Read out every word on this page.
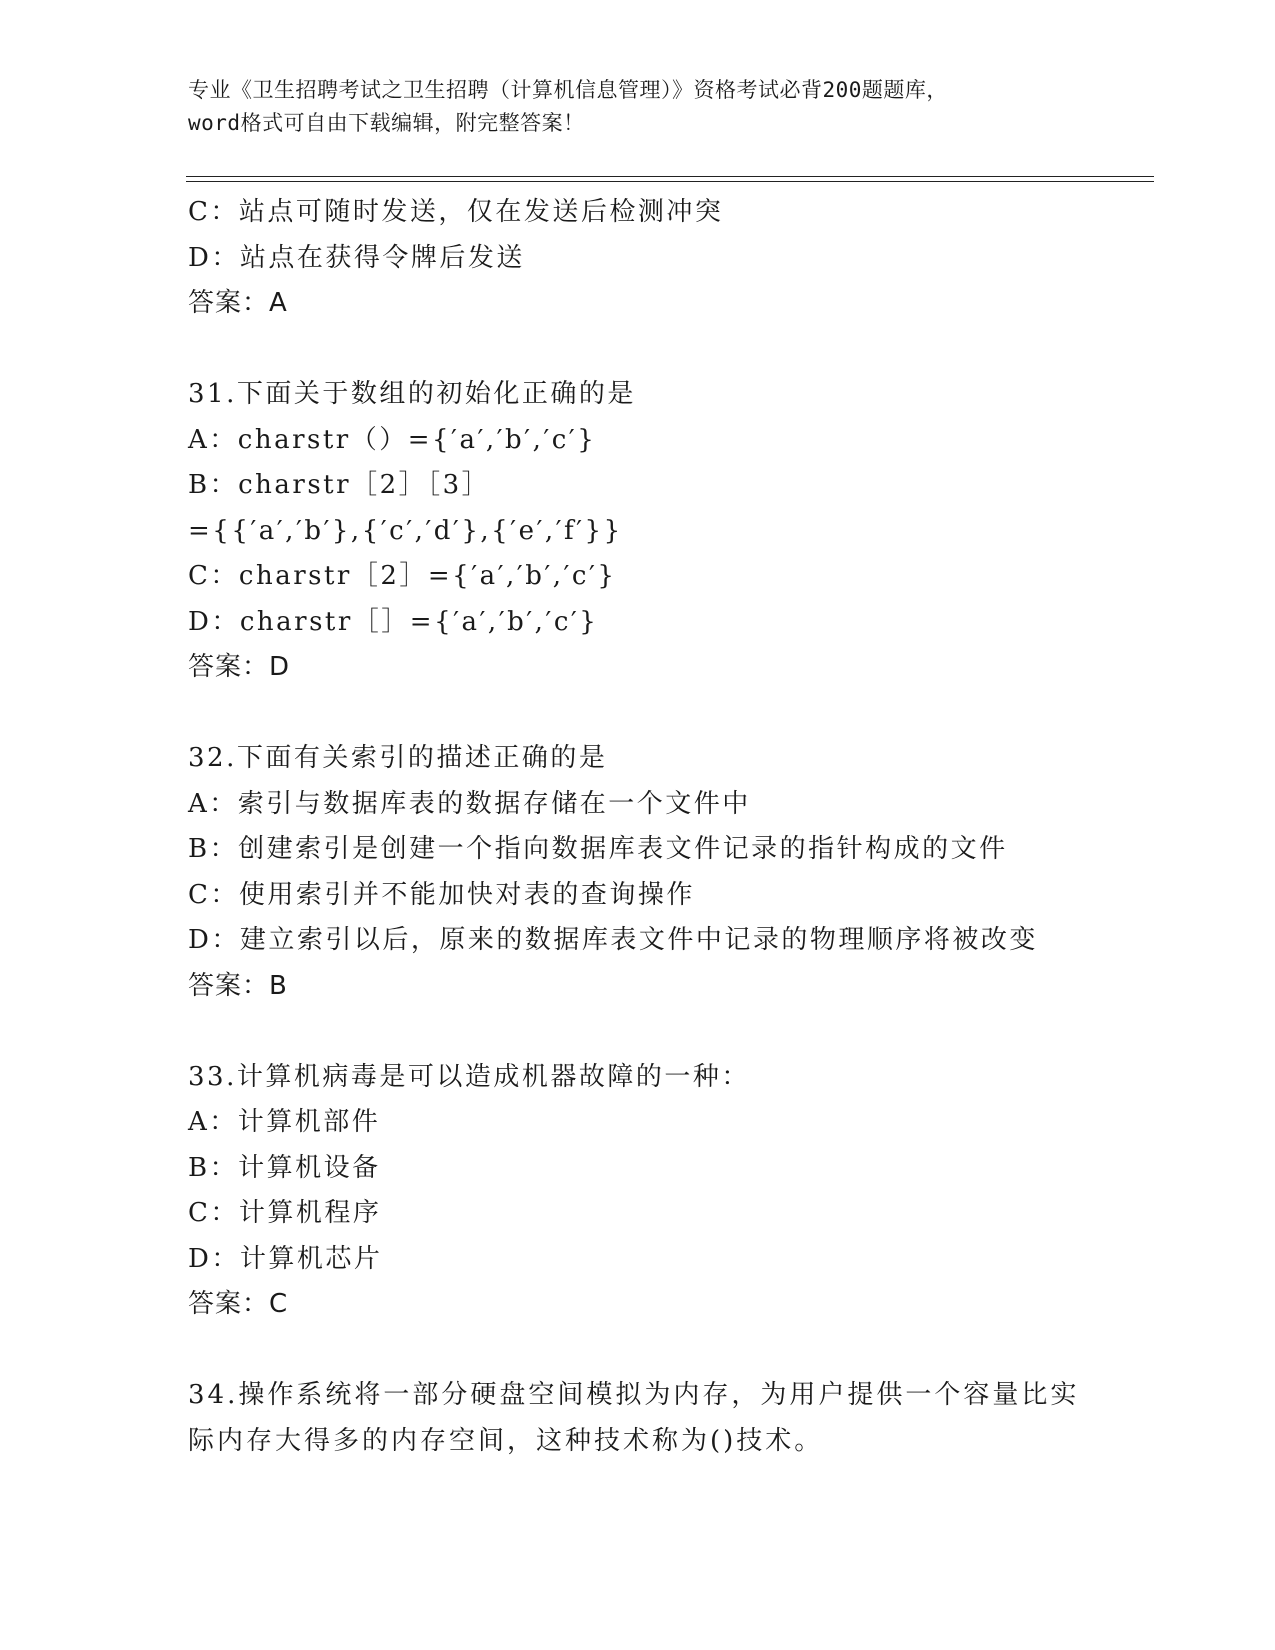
专业《卫生招聘考试之卫生招聘（计算机信息管理）》资格考试必背200题题库，

word格式可自由下载编辑，附完整答案！

C：站点可随时发送，仅在发送后检测冲突

D：站点在获得令牌后发送

答案：A

31.下面关于数组的初始化正确的是

A：charstr（）={′a′,′b′,′c′}

B：charstr［2］［3］

={{′a′,′b′},{′c′,′d′},{′e′,′f′}}

C：charstr［2］={′a′,′b′,′c′}

D：charstr［］={′a′,′b′,′c′}

答案：D

32.下面有关索引的描述正确的是

A：索引与数据库表的数据存储在一个文件中

B：创建索引是创建一个指向数据库表文件记录的指针构成的文件

C：使用索引并不能加快对表的查询操作

D：建立索引以后，原来的数据库表文件中记录的物理顺序将被改变

答案：B

33.计算机病毒是可以造成机器故障的一种：

A：计算机部件

B：计算机设备

C：计算机程序

D：计算机芯片

答案：C

34.操作系统将一部分硬盘空间模拟为内存，为用户提供一个容量比实

际内存大得多的内存空间，这种技术称为()技术。
